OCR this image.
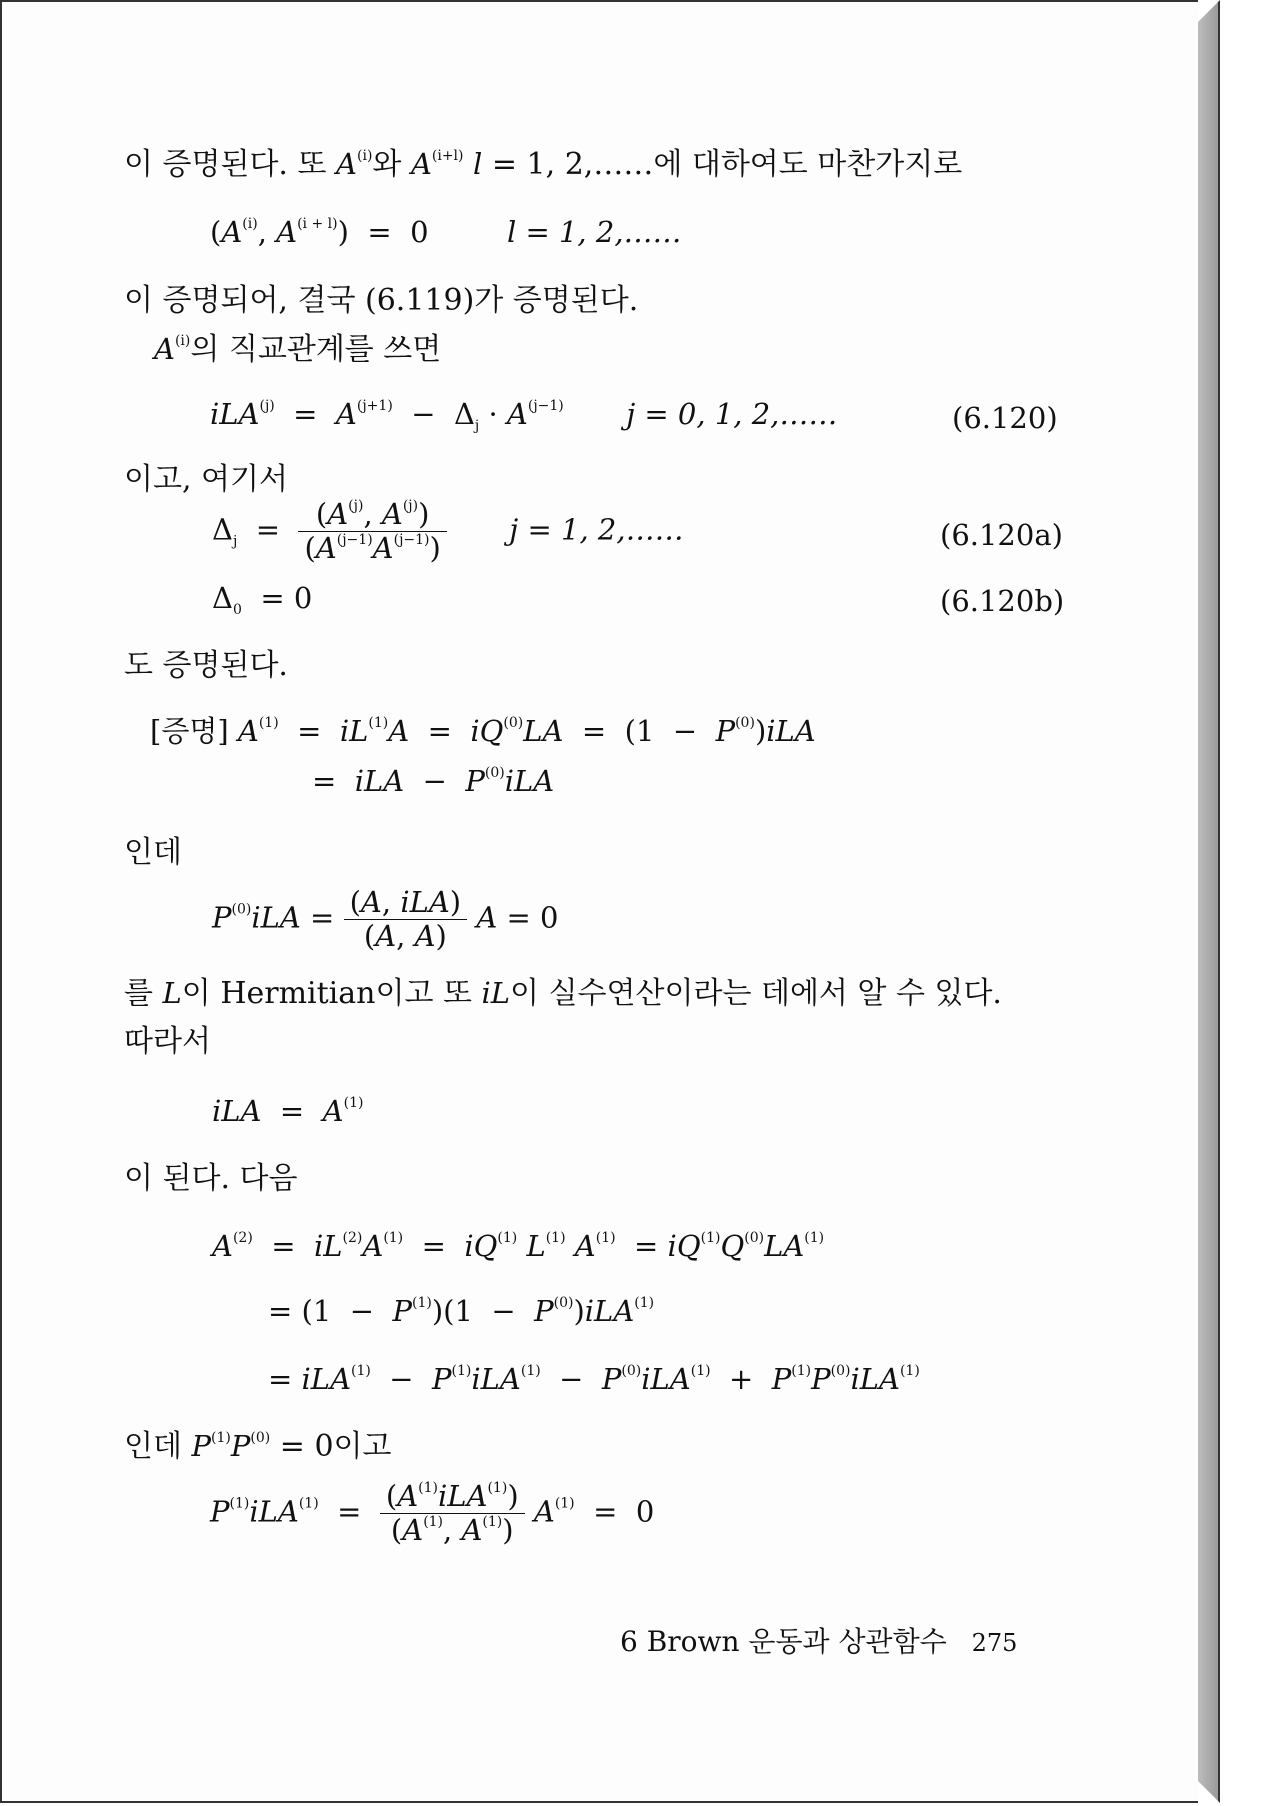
이 증명된다. 또 $A^{(i)}$와 $A^{(i+l)}$ l = 1, 2,……에 대하여도 마찬가지로
($A^{(i)}$, $A^{(i + l)}) = 0$  l = 1, 2,……
이 증명되어, 결국 (6.119)가 증명된다.
$A^{(i)}$의 직교관계를 쓰면
$iLA^{(j)} = A^{(j+1)} - \Delta_j \cdot A^{(j-1)}$ j = 0, 1, 2,……	(6.120)
이고, 여기서
$\Delta_j = \frac{(A^{(j)}, A^{(j)})}{(A^{(j-1)}A^{(j-1)})}$ j = 1, 2,……	(6.120a)
$\Delta_0 = 0$	(6.120b)
도 증명된다.
[증명] $A^{(1)} = iL^{(1)}A = iQ^{(0)}LA = (1 - P^{(0)})iLA$
=  iLA  −  $P^{(0)}iLA$
인데
$P^{(0)}iLA = \frac{\text{(A, iLA)}}{(A, A)}$ A = 0
를 L이 Hermitian이고 또 iL이 실수연산이라는 데에서 알 수 있다.
따라서
iLA  =  $A^{(1)}$
이 된다. 다음
$A^{(2)} = iL^{(2)}A^{(1)} = iQ^{(1)}$ $L^{(1)}$ $A^{(1)} = iQ^{(1)}Q^{(0)}LA^{(1)}$
= $(1 - P^{(1)})(1 - P^{(0)})iLA^{(1)}$
= $iLA^{(1)} - P^{(1)}iLA^{(1)} - P^{(0)}iLA^{(1)} + P^{(1)}P^{(0)}iLA^{(1)}$
인데 $P^{(1)}P^{(0)} = 0$이고
$P^{(1)}iLA^{(1)} = \frac{(A^{(1)}iLA^{(1)})}{(A^{(1)}, A^{(1)})} A^{(1)} = 0$
6 Brown 운동과 상관함수 275
